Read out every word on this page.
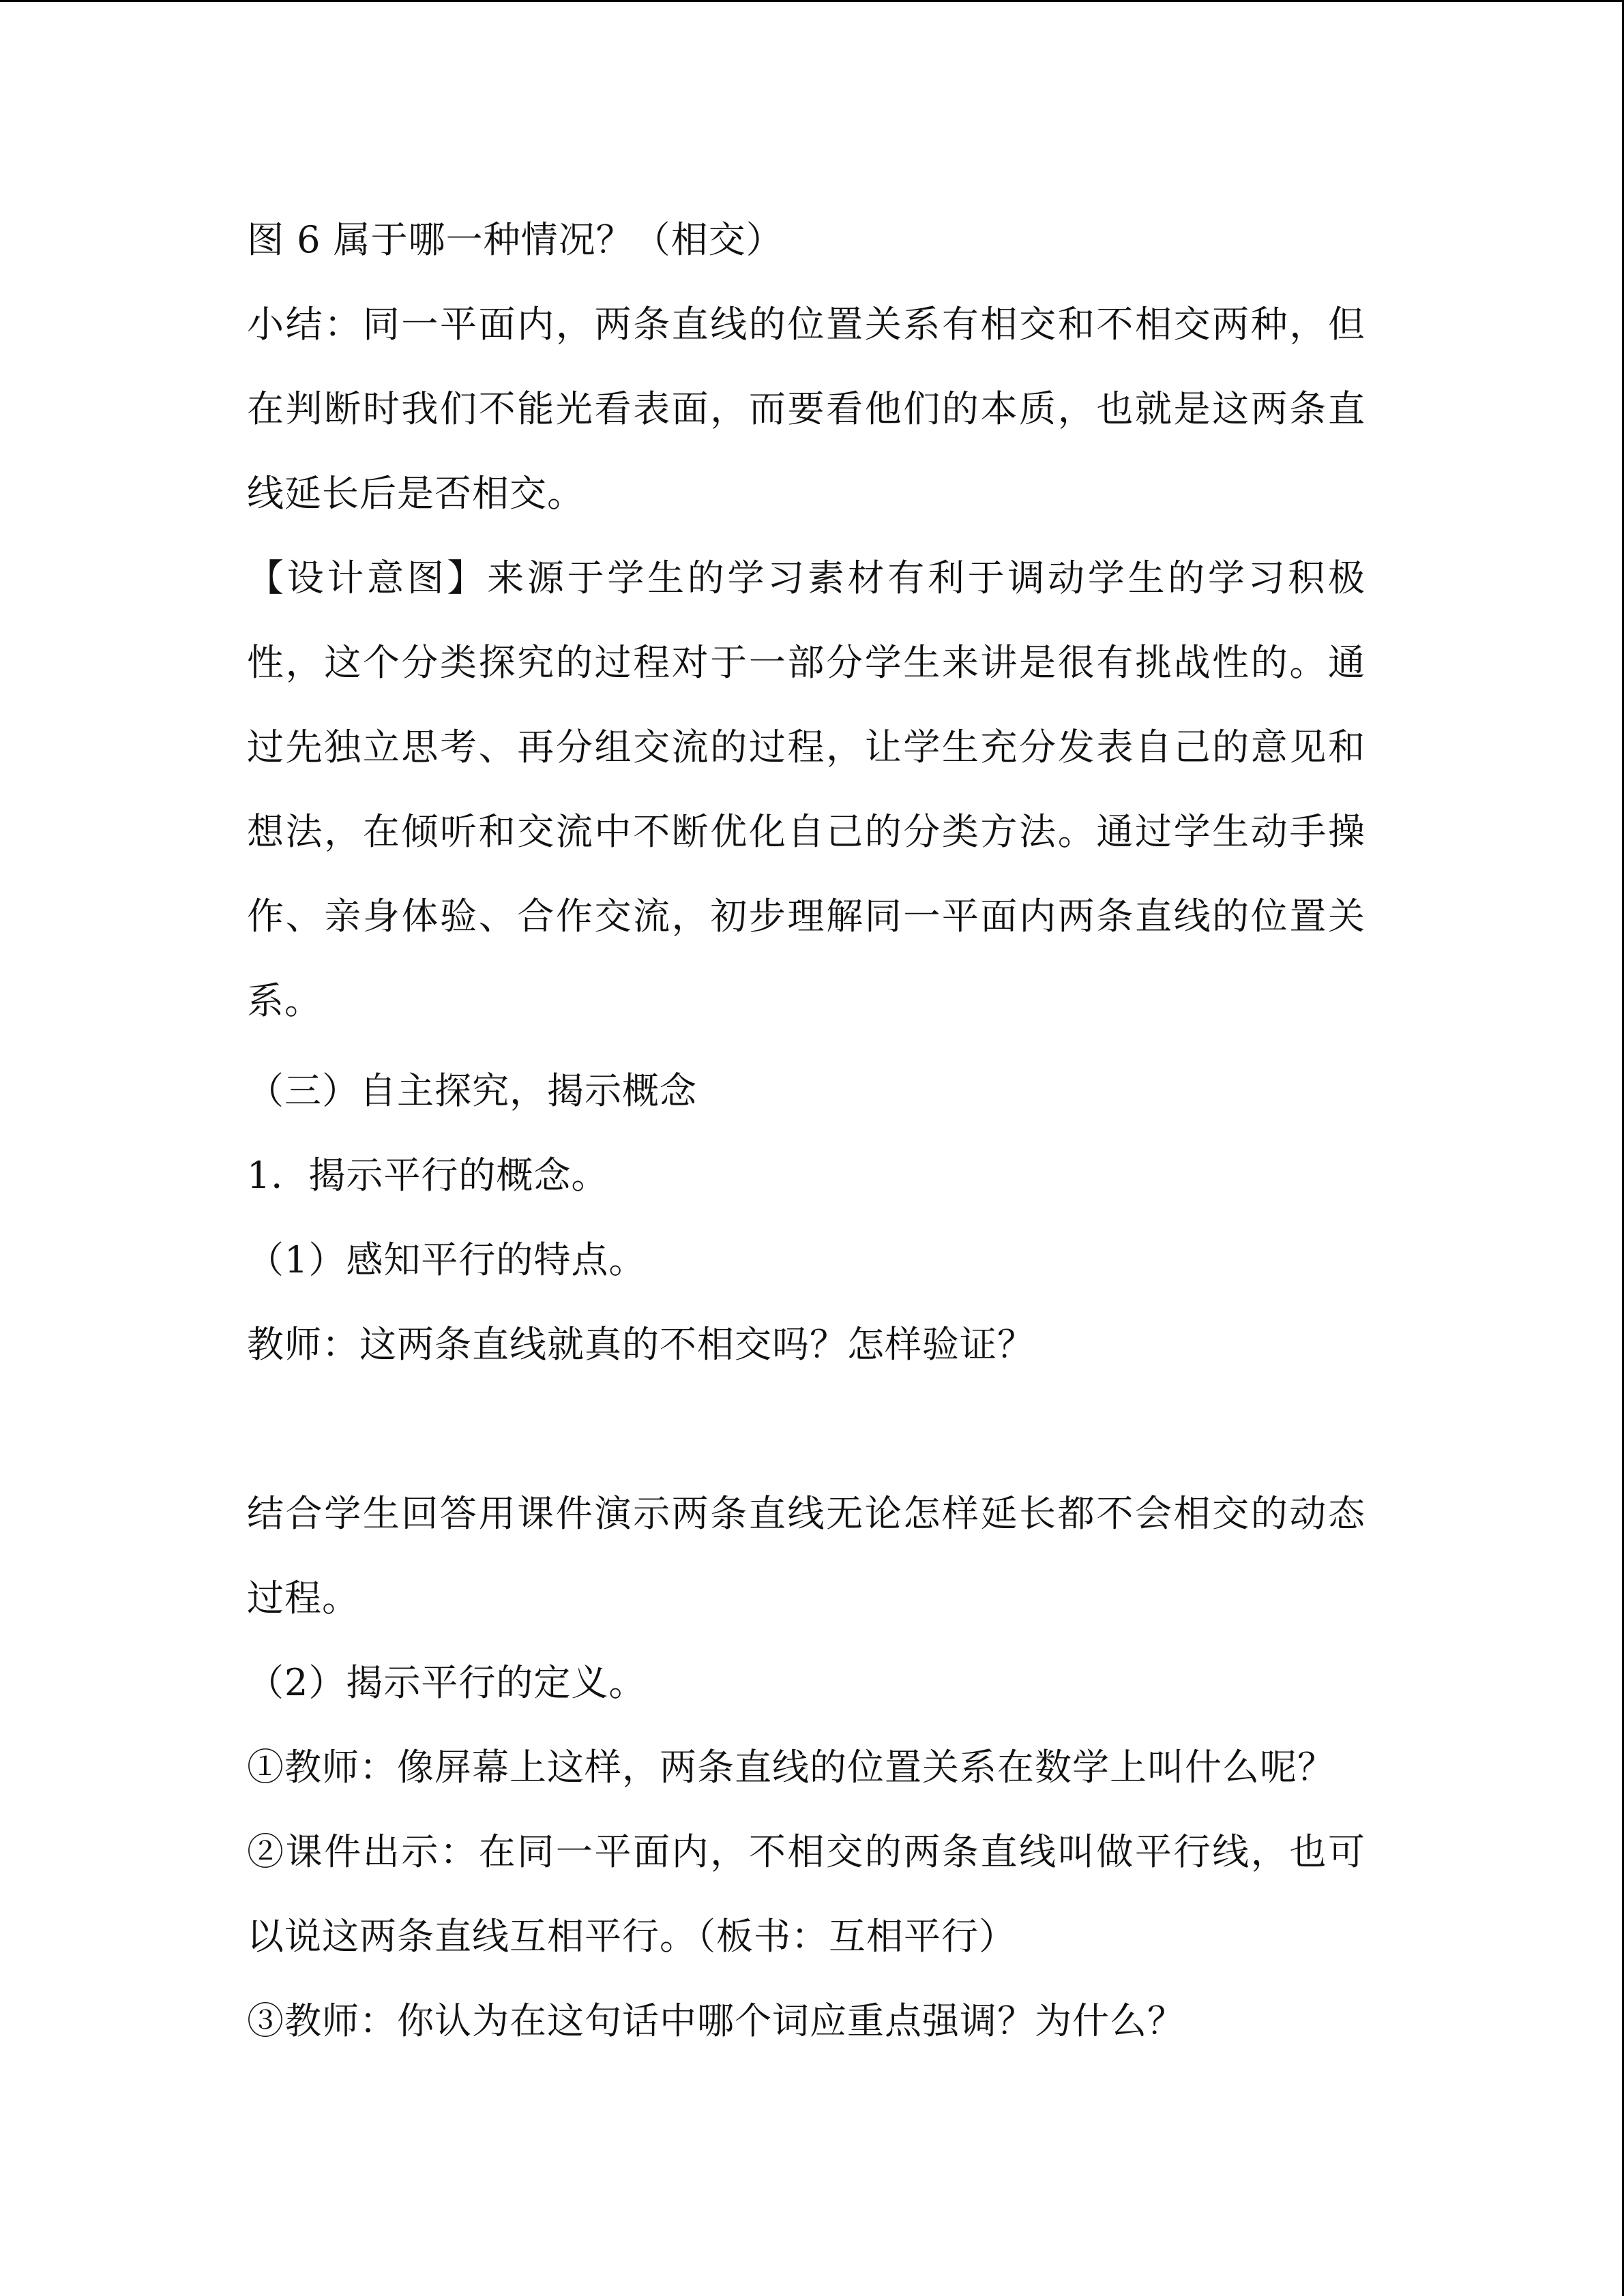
图 6 属于哪一种情况？（相交）

小结：同一平面内，两条直线的位置关系有相交和不相交两种，但在判断时我们不能光看表面，而要看他们的本质，也就是这两条直线延长后是否相交。

【设计意图】来源于学生的学习素材有利于调动学生的学习积极性，这个分类探究的过程对于一部分学生来讲是很有挑战性的。通过先独立思考、再分组交流的过程，让学生充分发表自己的意见和想法，在倾听和交流中不断优化自己的分类方法。通过学生动手操作、亲身体验、合作交流，初步理解同一平面内两条直线的位置关系。

（三）自主探究，揭示概念

1．揭示平行的概念。

（1）感知平行的特点。

教师：这两条直线就真的不相交吗？怎样验证？

结合学生回答用课件演示两条直线无论怎样延长都不会相交的动态过程。

（2）揭示平行的定义。

①教师：像屏幕上这样，两条直线的位置关系在数学上叫什么呢？

②课件出示：在同一平面内，不相交的两条直线叫做平行线，也可以说这两条直线互相平行。（板书：互相平行）

③教师：你认为在这句话中哪个词应重点强调？为什么？
